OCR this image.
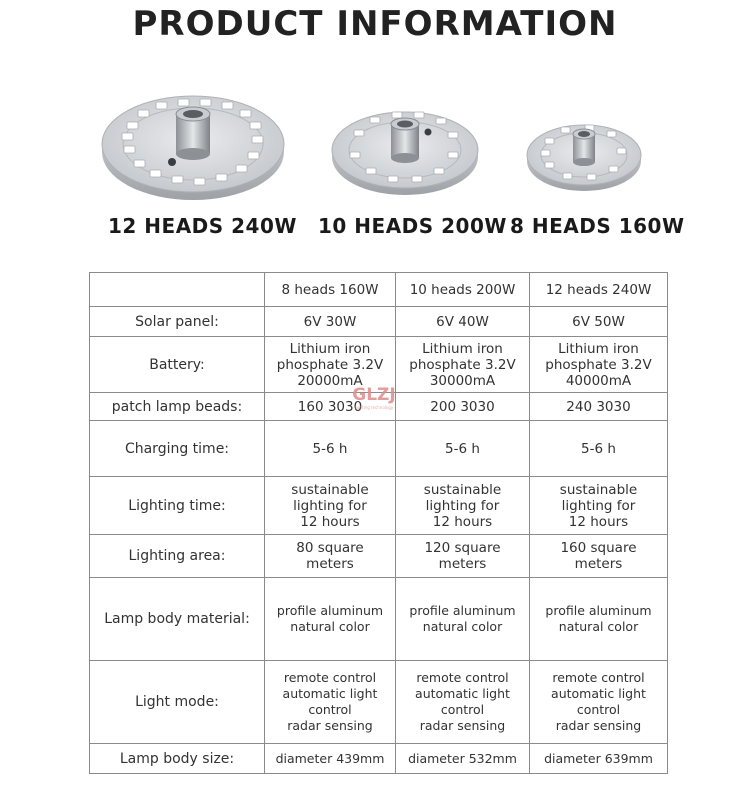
PRODUCT INFORMATION
12 HEADS 240W 10 HEADS 200W 8 HEADS 160W
	8 heads 160W	10 heads 200W	12 heads 240W
Solar panel:	6V 30W	6V 40W	6V 50W

Battery:	Lithium iron
phosphate 3.2V
20000mA	Lithium iron
phosphate 3.2V
30000mA	Lithium iron
phosphate 3.2V
40000mA

patch lamp beads:	160 3030	200 3030	240 3030

Charging time:	5-6 h	5-6 h	5-6 h

Lighting time:	sustainable
lighting for
12 hours	sustainable
lighting for
12 hours	sustainable
lighting for
12 hours

Lighting area:	80 square
meters	120 square
meters	160 square
meters

Lamp body material:	profile aluminum
natural color	profile aluminum
natural color	profile aluminum
natural color

Light mode:	remote control
automatic light
control
radar sensing	remote control
automatic light
control
radar sensing	remote control
automatic light
control
radar sensing

Lamp body size:	diameter 439mm	diameter 532mm	diameter 639mm
GLZJ
lighting technology
